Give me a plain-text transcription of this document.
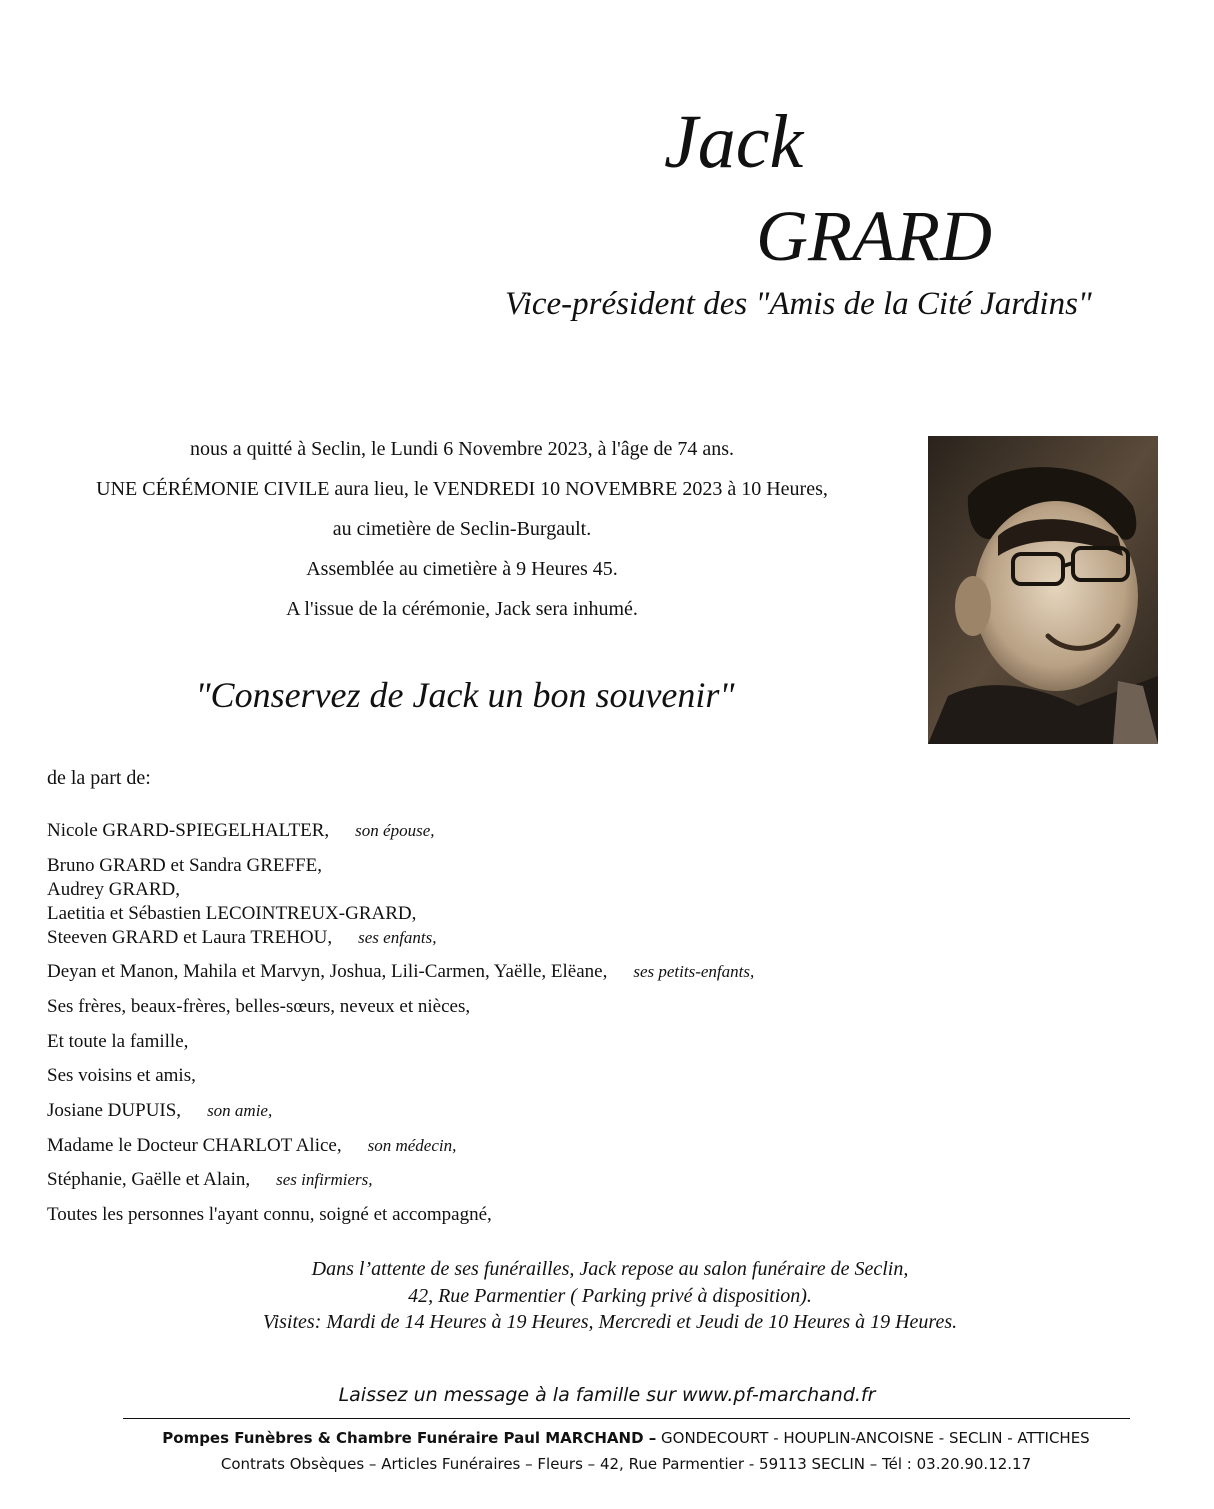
Jack
GRARD
Vice-président des "Amis de la Cité Jardins"
nous a quitté à Seclin, le Lundi 6 Novembre 2023, à l'âge de 74 ans.
UNE CÉRÉMONIE CIVILE aura lieu, le VENDREDI 10 NOVEMBRE 2023 à 10 Heures,
au cimetière de Seclin-Burgault.
Assemblée au cimetière à 9 Heures 45.
A l'issue de la cérémonie, Jack sera inhumé.
"Conservez de Jack un bon souvenir"
de la part de:
Nicole GRARD-SPIEGELHALTER, son épouse,
Bruno GRARD et Sandra GREFFE,
Audrey GRARD,
Laetitia et Sébastien LECOINTREUX-GRARD,
Steeven GRARD et Laura TREHOU, ses enfants,
Deyan et Manon, Mahila et Marvyn, Joshua, Lili-Carmen, Yaëlle, Elëane, ses petits-enfants,
Ses frères, beaux-frères, belles-sœurs, neveux et nièces,
Et toute la famille,
Ses voisins et amis,
Josiane DUPUIS, son amie,
Madame le Docteur CHARLOT Alice, son médecin,
Stéphanie, Gaëlle et Alain, ses infirmiers,
Toutes les personnes l'ayant connu, soigné et accompagné,
Dans l’attente de ses funérailles, Jack repose au salon funéraire de Seclin,
42, Rue Parmentier ( Parking privé à disposition).
Visites: Mardi de 14 Heures à 19 Heures, Mercredi et Jeudi de 10 Heures à 19 Heures.
Laissez un message à la famille sur www.pf-marchand.fr
Pompes Funèbres & Chambre Funéraire Paul MARCHAND – GONDECOURT - HOUPLIN-ANCOISNE - SECLIN - ATTICHES
Contrats Obsèques – Articles Funéraires – Fleurs – 42, Rue Parmentier - 59113 SECLIN – Tél : 03.20.90.12.17
